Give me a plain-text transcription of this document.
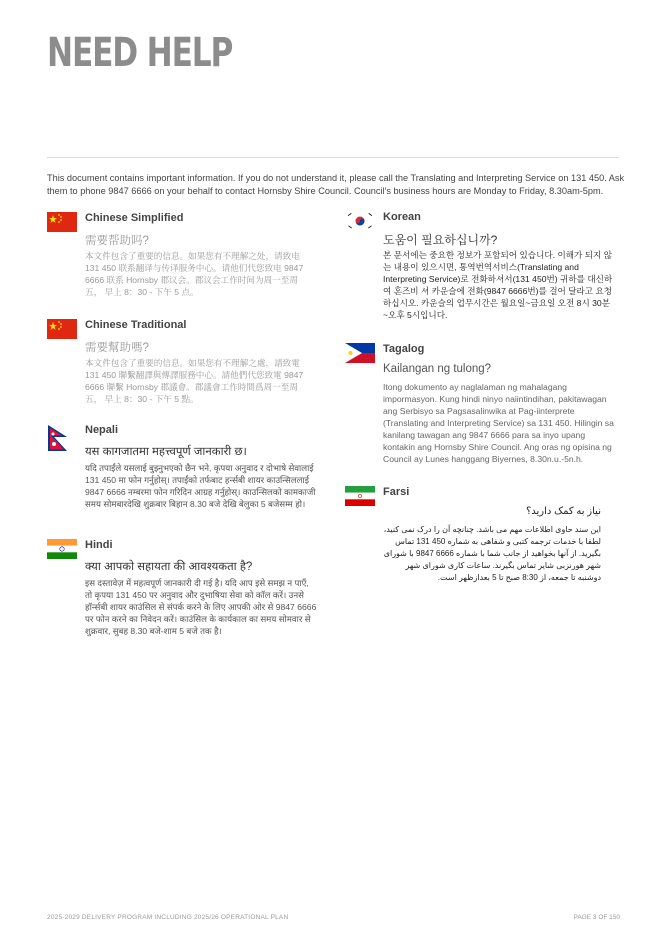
NEED HELP
This document contains important information. If you do not understand it, please call the Translating and Interpreting Service on 131 450. Ask them to phone 9847 6666 on your behalf to contact Hornsby Shire Council. Council's business hours are Monday to Friday, 8.30am-5pm.
Chinese Simplified
需要帮助吗?
本文件包含了重要的信息。如果您有不理解之处，请致电 131 450 联系翻译与传译服务中心。请他们代您致电 9847 6666 联系 Hornsby 郡议会。郡议会工作时间为周一至周五， 早上 8：30 - 下午 5 点。
Chinese Traditional
需要幫助嗎?
本文件包含了重要的信息。如果您有不理解之處，請致電 131 450 聯繫翻譯與傳譯服務中心。請他們代您致電 9847 6666 聯繫 Hornsby 郡議會。郡議會工作時間爲周一至周五， 早上 8：30 - 下午 5 點。
Nepali
यस कागजातमा महत्त्वपूर्ण जानकारी छ।
यदि तपाईंले यसलाई बुझ्नुभएको छैन भने, कृपया अनुवाद र दोभाषे सेवालाई 131 450 मा फोन गर्नुहोस्। तपाईंको तर्फबाट हर्न्सबी शायर काउन्सिललाई 9847 6666 नम्बरमा फोन गरिदिन आग्रह गर्नुहोस्। काउन्सिलको कामकाजी समय सोमबारदेखि शुक्रबार बिहान 8.30 बजे देखि बेलुका 5 बजेसम्म हो।
Hindi
क्या आपको सहायता की आवश्यकता है?
इस दस्तावेज़ में महत्वपूर्ण जानकारी दी गई है। यदि आप इसे समझ न पाएँ, तो कृपया 131 450 पर अनुवाद और दुभाषिया सेवा को कॉल करें। उनसे हॉर्न्सबी शायर काउंसिल से संपर्क करने के लिए आपकी ओर से 9847 6666 पर फोन करने का निवेदन करें। काउंसिल के कार्यकाल का समय सोमवार से शुक्रवार, सुबह 8.30 बजे-शाम 5 बजे तक है।
Korean
도움이 필요하십니까?
본 문서에는 중요한 정보가 포함되어 있습니다. 이해가 되지 않는 내용이 있으시면, 통역번역서비스(Translating and Interpreting Service)로 전화하셔서(131 450번) 귀하를 대신하여 혼즈비 셔 카운슬에 전화(9847 6666번)를 걸어 달라고 요청하십시오. 카운슬의 업무시간은 월요일~금요일 오전 8시 30분~오후 5시입니다.
Tagalog
Kailangan ng tulong?
Itong dokumento ay naglalaman ng mahalagang impormasyon. Kung hindi ninyo naiintindihan, pakitawagan ang Serbisyo sa Pagsasalinwika at Pag-iinterprete (Translating and Interpreting Service) sa 131 450. Hilingin sa kanilang tawagan ang 9847 6666 para sa inyo upang kontakin ang Hornsby Shire Council. Ang oras ng opisina ng Council ay Lunes hanggang Biyernes, 8.30n.u.-5n.h.
Farsi
نیاز به کمک دارید؟
این سند حاوی اطلاعات مهم می باشد. چنانچه آن را درک نمی کنید، لطفا با خدمات ترجمه کتبی و شفاهی به شماره 450 131 تماس بگیرید. از آنها بخواهید از جانب شما با شماره 6666 9847 با شورای شهر هورنزبی شایر تماس بگیرند. ساعات کاری شورای شهر دوشنبه تا جمعه، از 8:30 صبح تا 5 بعدازظهر است.
2025-2029 DELIVERY PROGRAM INCLUDING 2025/26 OPERATIONAL PLAN	PAGE 3 OF 150
